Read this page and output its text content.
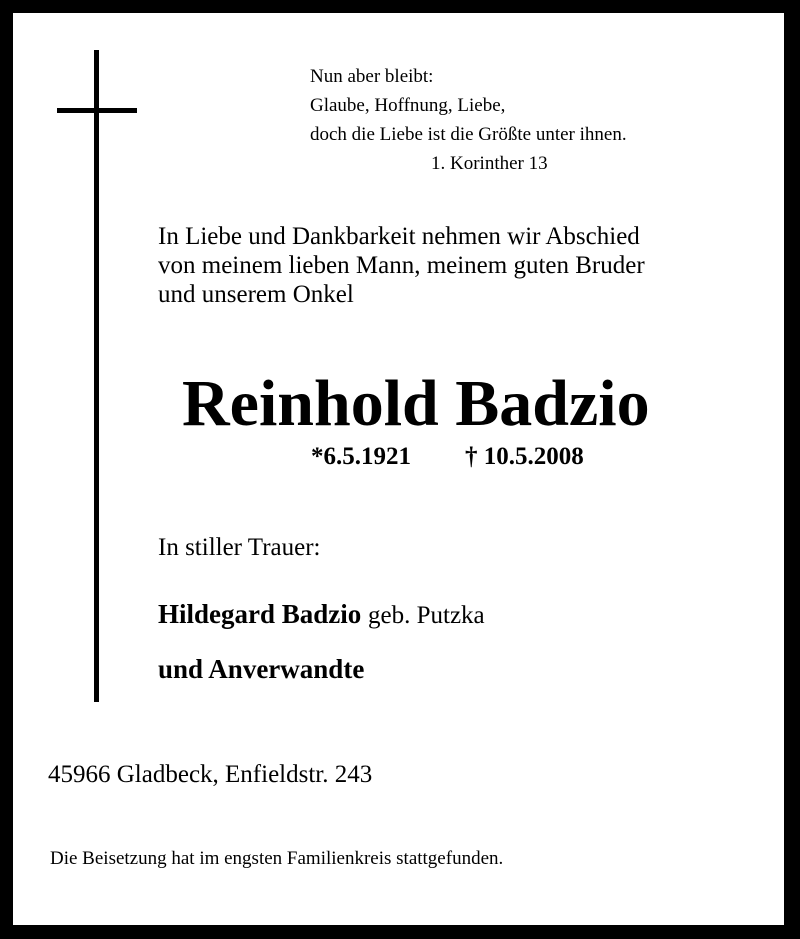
Nun aber bleibt:
Glaube, Hoffnung, Liebe,
doch die Liebe ist die Größte unter ihnen.
1. Korinther 13
In Liebe und Dankbarkeit nehmen wir Abschied
von meinem lieben Mann, meinem guten Bruder
und unserem Onkel
Reinhold Badzio
*6.5.1921 † 10.5.2008
In stiller Trauer:
Hildegard Badzio geb. Putzka
und Anverwandte
45966 Gladbeck, Enfieldstr. 243
Die Beisetzung hat im engsten Familienkreis stattgefunden.
